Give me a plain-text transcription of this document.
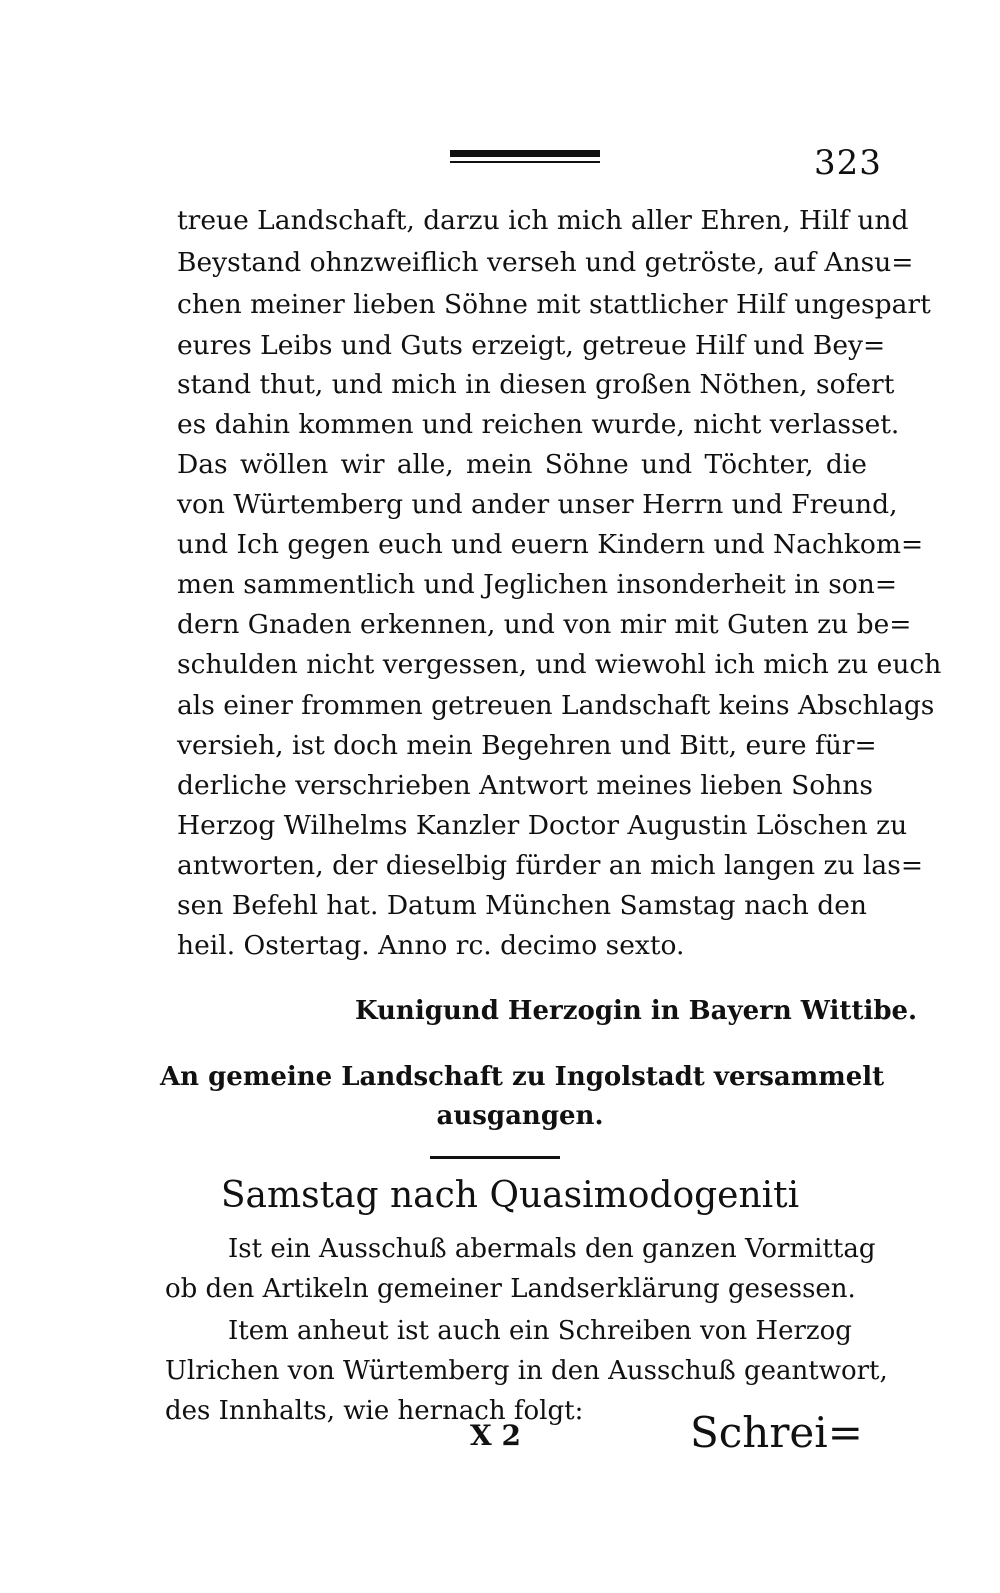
323
treue Landschaft, darzu ich mich aller Ehren, Hilf und
Beystand ohnzweiflich verseh und getröste, auf Ansu=
chen meiner lieben Söhne mit stattlicher Hilf ungespart
eures Leibs und Guts erzeigt, getreue Hilf und Bey=
stand thut, und mich in diesen großen Nöthen, sofert
es dahin kommen und reichen wurde, nicht verlasset.
Das wöllen wir alle, mein Söhne und Töchter, die
von Würtemberg und ander unser Herrn und Freund,
und Ich gegen euch und euern Kindern und Nachkom=
men sammentlich und Jeglichen insonderheit in son=
dern Gnaden erkennen, und von mir mit Guten zu be=
schulden nicht vergessen, und wiewohl ich mich zu euch
als einer frommen getreuen Landschaft keins Abschlags
versieh, ist doch mein Begehren und Bitt, eure für=
derliche verschrieben Antwort meines lieben Sohns
Herzog Wilhelms Kanzler Doctor Augustin Löschen zu
antworten, der dieselbig fürder an mich langen zu las=
sen Befehl hat. Datum München Samstag nach den
heil. Ostertag. Anno rc. decimo sexto.
Kunigund Herzogin in Bayern Wittibe.
An gemeine Landschaft zu Ingolstadt versammelt
ausgangen.
Samstag nach Quasimodogeniti
Ist ein Ausschuß abermals den ganzen Vormittag
ob den Artikeln gemeiner Landserklärung gesessen.
Item anheut ist auch ein Schreiben von Herzog
Ulrichen von Würtemberg in den Ausschuß geantwort,
des Innhalts, wie hernach folgt:
X 2	Schrei=
